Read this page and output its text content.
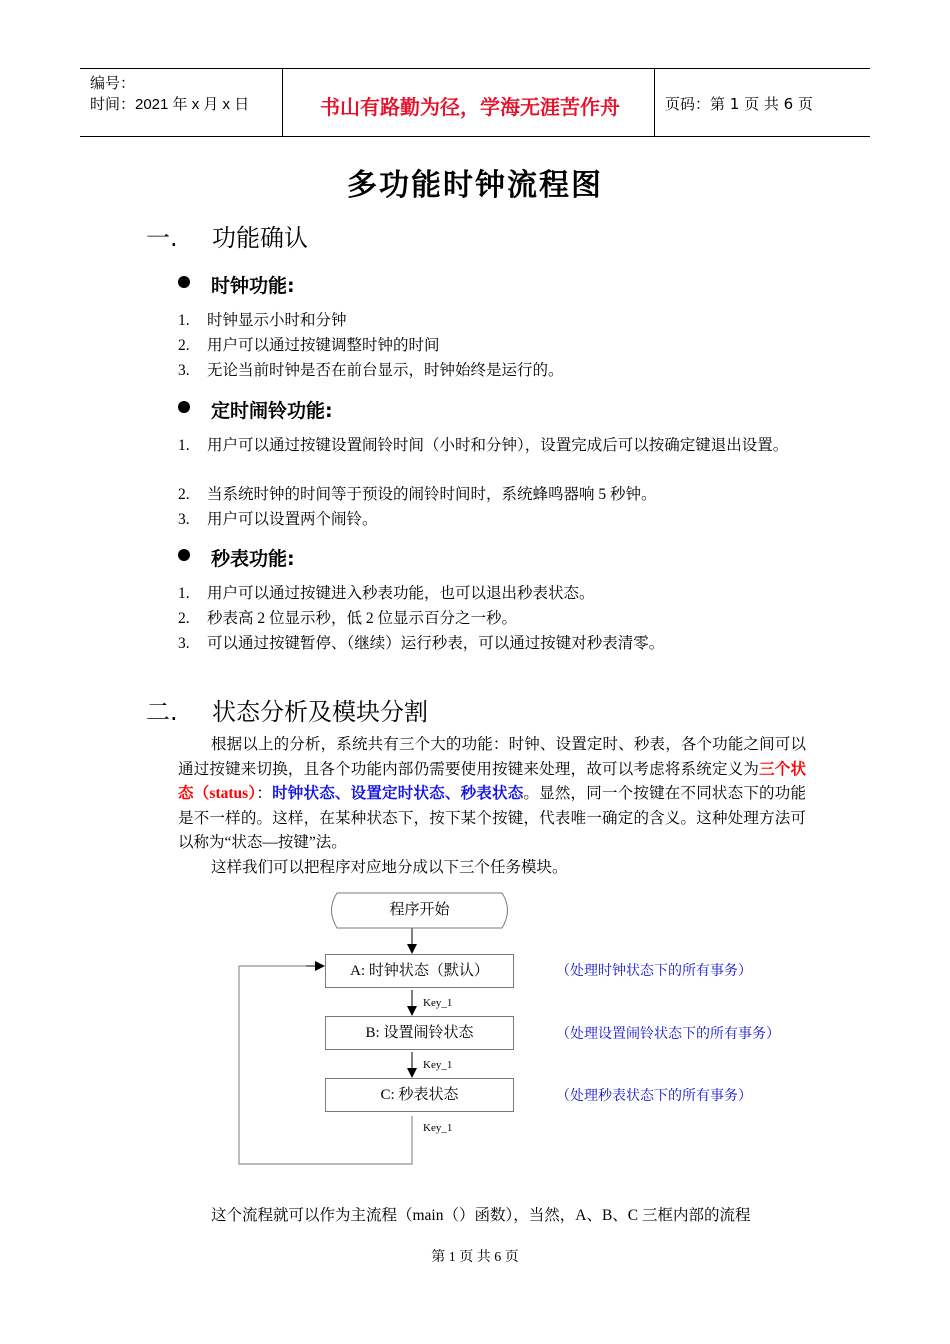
编号：
时间：2021 年 x 月 x 日	书山有路勤为径，学海无涯苦作舟	页码：第 1 页 共 6 页
多功能时钟流程图
一. 功能确认
时钟功能:
1. 时钟显示小时和分钟
2. 用户可以通过按键调整时钟的时间
3. 无论当前时钟是否在前台显示，时钟始终是运行的。
定时闹铃功能:
1. 用户可以通过按键设置闹铃时间（小时和分钟），设置完成后可以按确定键退出设置。
2. 当系统时钟的时间等于预设的闹铃时间时，系统蜂鸣器响 5 秒钟。
3. 用户可以设置两个闹铃。
秒表功能:
1. 用户可以通过按键进入秒表功能，也可以退出秒表状态。
2. 秒表高 2 位显示秒，低 2 位显示百分之一秒。
3. 可以通过按键暂停、（继续）运行秒表，可以通过按键对秒表清零。
二. 状态分析及模块分割
根据以上的分析，系统共有三个大的功能：时钟、设置定时、秒表，各个功能之间可以通过按键来切换，且各个功能内部仍需要使用按键来处理，故可以考虑将系统定义为三个状态（status）：时钟状态、设置定时状态、秒表状态。显然，同一个按键在不同状态下的功能是不一样的。这样，在某种状态下，按下某个按键，代表唯一确定的含义。这种处理方法可以称为“状态—按键”法。
这样我们可以把程序对应地分成以下三个任务模块。
程序开始
A: 时钟状态（默认）
B: 设置闹铃状态
C: 秒表状态
Key_1
Key_1
Key_1
（处理时钟状态下的所有事务）
（处理设置闹铃状态下的所有事务）
（处理秒表状态下的所有事务）
这个流程就可以作为主流程（main（）函数），当然，A、B、C 三框内部的流程
第 1 页 共 6 页
